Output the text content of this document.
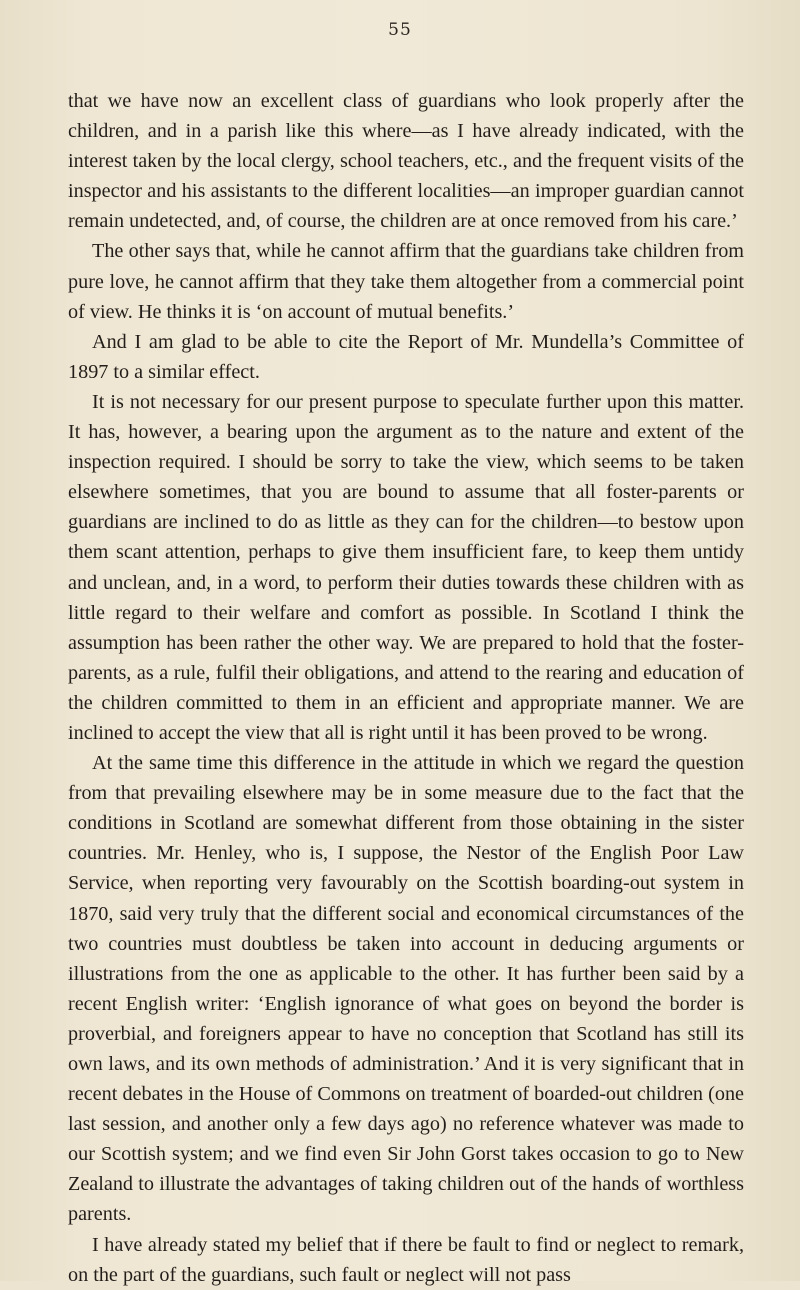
55

that we have now an excellent class of guardians who look properly after the children, and in a parish like this where—as I have already indicated, with the interest taken by the local clergy, school teachers, etc., and the frequent visits of the inspector and his assistants to the different localities—an improper guardian cannot remain undetected, and, of course, the children are at once removed from his care.’

The other says that, while he cannot affirm that the guardians take children from pure love, he cannot affirm that they take them altogether from a commercial point of view. He thinks it is ‘on account of mutual benefits.’

And I am glad to be able to cite the Report of Mr. Mundella’s Committee of 1897 to a similar effect.

It is not necessary for our present purpose to speculate further upon this matter. It has, however, a bearing upon the argument as to the nature and extent of the inspection required. I should be sorry to take the view, which seems to be taken elsewhere sometimes, that you are bound to assume that all foster-parents or guardians are inclined to do as little as they can for the children—to bestow upon them scant attention, perhaps to give them insufficient fare, to keep them untidy and unclean, and, in a word, to perform their duties towards these children with as little regard to their welfare and comfort as possible. In Scotland I think the assumption has been rather the other way. We are prepared to hold that the foster-parents, as a rule, fulfil their obligations, and attend to the rearing and education of the children committed to them in an efficient and appropriate manner. We are inclined to accept the view that all is right until it has been proved to be wrong.

At the same time this difference in the attitude in which we regard the question from that prevailing elsewhere may be in some measure due to the fact that the conditions in Scotland are somewhat different from those obtaining in the sister countries. Mr. Henley, who is, I suppose, the Nestor of the English Poor Law Service, when reporting very favourably on the Scottish boarding-out system in 1870, said very truly that the different social and economical circumstances of the two countries must doubtless be taken into account in deducing arguments or illustrations from the one as applicable to the other. It has further been said by a recent English writer: ‘English ignorance of what goes on beyond the border is proverbial, and foreigners appear to have no conception that Scotland has still its own laws, and its own methods of administration.’ And it is very significant that in recent debates in the House of Commons on treatment of boarded-out children (one last session, and another only a few days ago) no reference whatever was made to our Scottish system; and we find even Sir John Gorst takes occasion to go to New Zealand to illustrate the advantages of taking children out of the hands of worthless parents.

I have already stated my belief that if there be fault to find or neglect to remark, on the part of the guardians, such fault or neglect will not pass
